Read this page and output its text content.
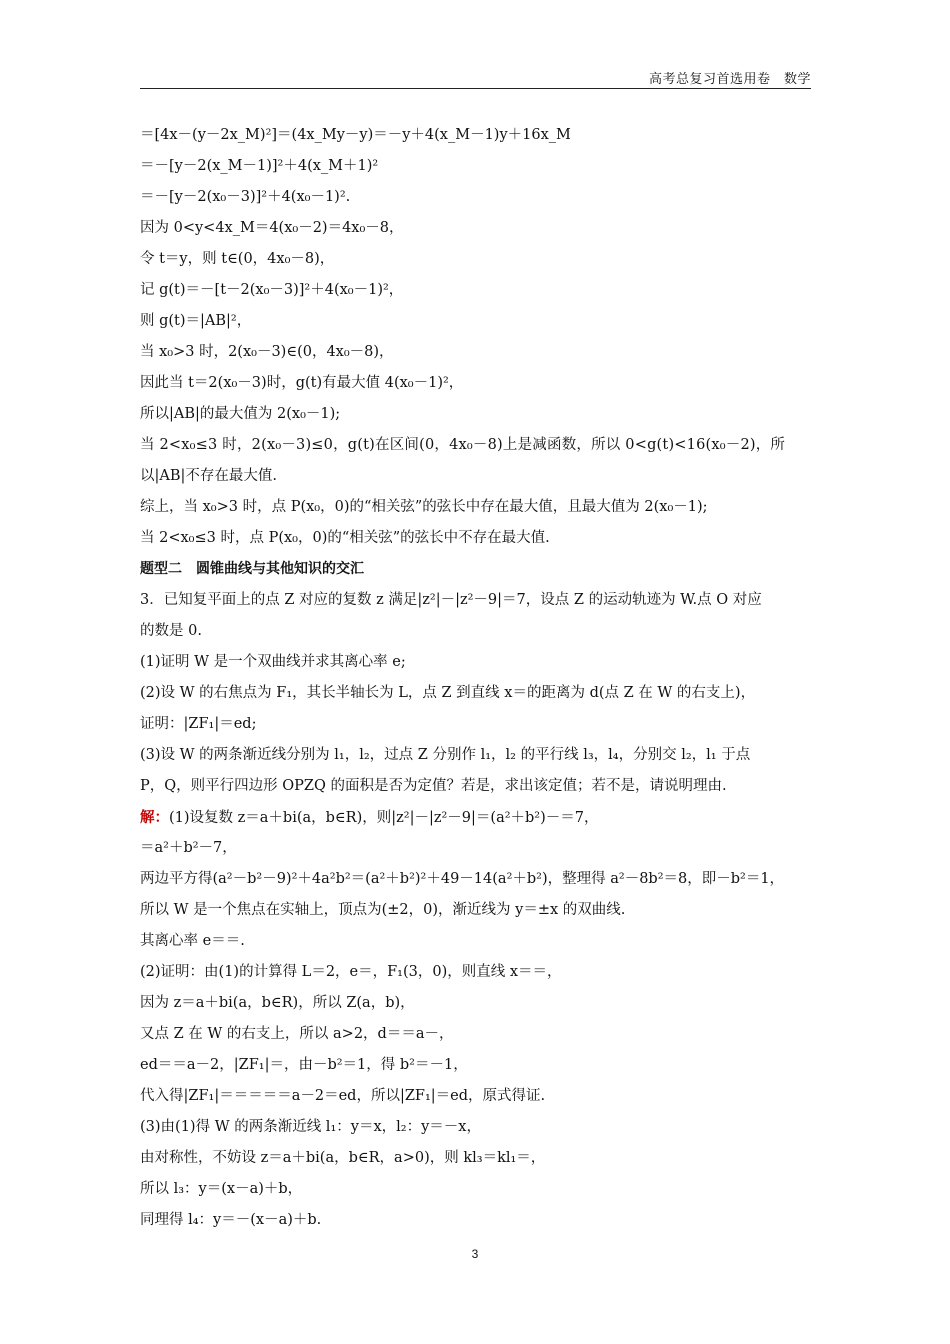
高考总复习首选用卷　数学
＝[4x－(y－2x_M)²]＝(4x_My－y)＝－y＋4(x_M－1)y＋16x_M
＝－[y－2(x_M－1)]²＋4(x_M＋1)²
＝－[y－2(x₀－3)]²＋4(x₀－1)².
因为 0<y<4x_M＝4(x₀－2)＝4x₀－8，
令 t＝y，则 t∈(0，4x₀－8)，
记 g(t)＝－[t－2(x₀－3)]²＋4(x₀－1)²，
则 g(t)＝|AB|²，
当 x₀>3 时，2(x₀－3)∈(0，4x₀－8)，
因此当 t＝2(x₀－3)时，g(t)有最大值 4(x₀－1)²，
所以|AB|的最大值为 2(x₀－1);
当 2<x₀≤3 时，2(x₀－3)≤0，g(t)在区间(0，4x₀－8)上是减函数，所以 0<g(t)<16(x₀－2)，所
以|AB|不存在最大值.
综上，当 x₀>3 时，点 P(x₀，0)的“相关弦”的弦长中存在最大值，且最大值为 2(x₀－1);
当 2<x₀≤3 时，点 P(x₀，0)的“相关弦”的弦长中不存在最大值.
题型二　圆锥曲线与其他知识的交汇
3．已知复平面上的点 Z 对应的复数 z 满足|z²|－|z²－9|＝7，设点 Z 的运动轨迹为 W.点 O 对应
的数是 0.
(1)证明 W 是一个双曲线并求其离心率 e;
(2)设 W 的右焦点为 F₁，其长半轴长为 L，点 Z 到直线 x＝的距离为 d(点 Z 在 W 的右支上)，
证明：|ZF₁|＝ed;
(3)设 W 的两条渐近线分别为 l₁，l₂，过点 Z 分别作 l₁，l₂ 的平行线 l₃，l₄，分别交 l₂，l₁ 于点
P，Q，则平行四边形 OPZQ 的面积是否为定值？若是，求出该定值；若不是，请说明理由.
解：(1)设复数 z＝a＋bi(a，b∈R)，则|z²|－|z²－9|＝(a²＋b²)－＝7，
＝a²＋b²－7，
两边平方得(a²－b²－9)²＋4a²b²＝(a²＋b²)²＋49－14(a²＋b²)，整理得 a²－8b²＝8，即－b²＝1，
所以 W 是一个焦点在实轴上，顶点为(±2，0)，渐近线为 y＝±x 的双曲线.
其离心率 e＝＝.
(2)证明：由(1)的计算得 L＝2，e＝，F₁(3，0)，则直线 x＝＝，
因为 z＝a＋bi(a，b∈R)，所以 Z(a，b)，
又点 Z 在 W 的右支上，所以 a>2，d＝＝a－，
ed＝＝a－2，|ZF₁|＝，由－b²＝1，得 b²＝－1，
代入得|ZF₁|＝＝＝＝＝a－2＝ed，所以|ZF₁|＝ed，原式得证.
(3)由(1)得 W 的两条渐近线 l₁：y＝x，l₂：y＝－x，
由对称性，不妨设 z＝a＋bi(a，b∈R，a>0)，则 kl₃＝kl₁＝，
所以 l₃：y＝(x－a)＋b，
同理得 l₄：y＝－(x－a)＋b.
3
